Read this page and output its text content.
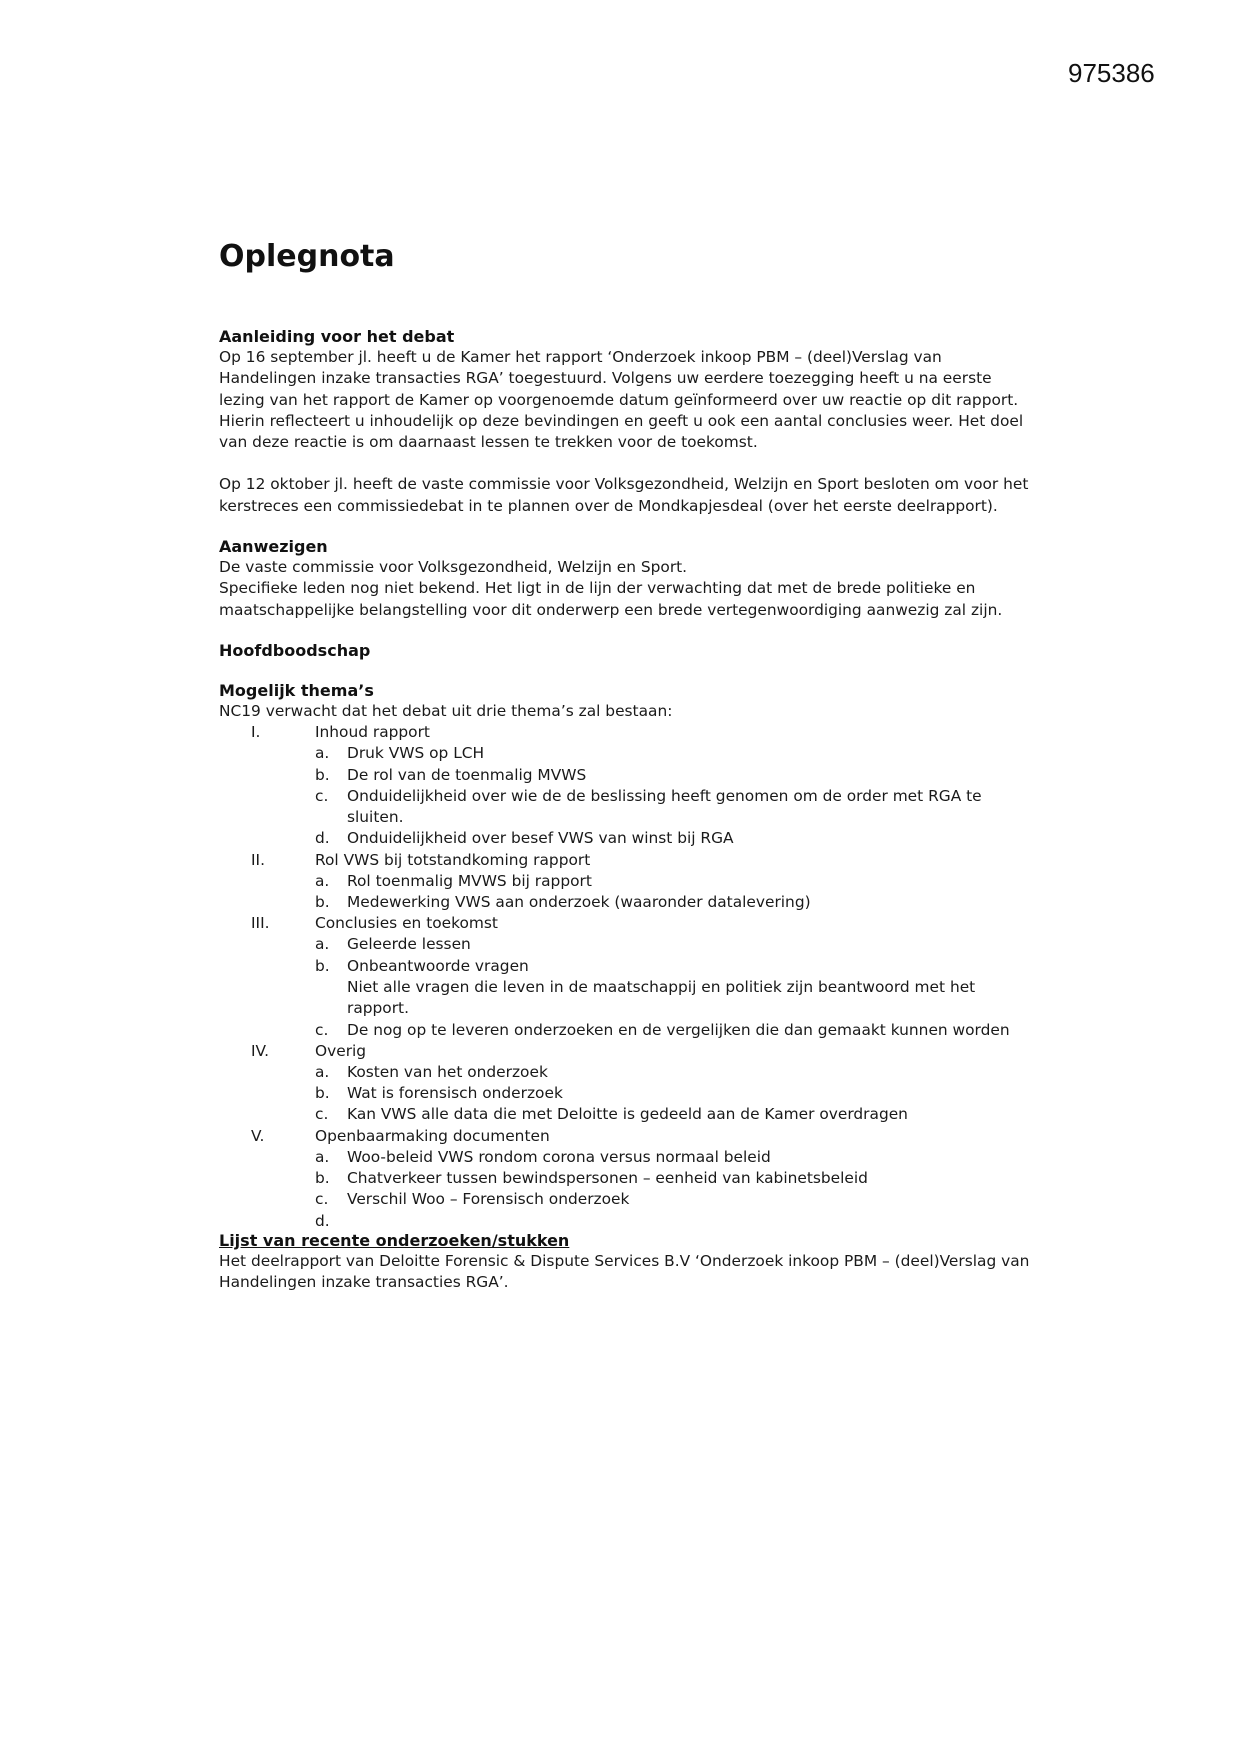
975386
Oplegnota
Aanleiding voor het debat

Op 16 september jl. heeft u de Kamer het rapport ‘Onderzoek inkoop PBM – (deel)Verslag van Handelingen inzake transacties RGA’ toegestuurd. Volgens uw eerdere toezegging heeft u na eerste lezing van het rapport de Kamer op voorgenoemde datum geïnformeerd over uw reactie op dit rapport. Hierin reflecteert u inhoudelijk op deze bevindingen en geeft u ook een aantal conclusies weer. Het doel van deze reactie is om daarnaast lessen te trekken voor de toekomst.

Op 12 oktober jl. heeft de vaste commissie voor Volksgezondheid, Welzijn en Sport besloten om voor het kerstreces een commissiedebat in te plannen over de Mondkapjesdeal (over het eerste deelrapport).

Aanwezigen

De vaste commissie voor Volksgezondheid, Welzijn en Sport.

Specifieke leden nog niet bekend. Het ligt in de lijn der verwachting dat met de brede politieke en maatschappelijke belangstelling voor dit onderwerp een brede vertegenwoordiging aanwezig zal zijn.

Hoofdboodschap
Mogelijk thema’s

NC19 verwacht dat het debat uit drie thema’s zal bestaan:

I.	Inhoud rapport
a. Druk VWS op LCH
b. De rol van de toenmalig MVWS
c. Onduidelijkheid over wie de de beslissing heeft genomen om de order met RGA te sluiten.
d. Onduidelijkheid over besef VWS van winst bij RGA
II.	Rol VWS bij totstandkoming rapport
a. Rol toenmalig MVWS bij rapport
b. Medewerking VWS aan onderzoek (waaronder datalevering)
III.	Conclusies en toekomst
a. Geleerde lessen
b. Onbeantwoorde vragen
Niet alle vragen die leven in de maatschappij en politiek zijn beantwoord met het rapport.
c. De nog op te leveren onderzoeken en de vergelijken die dan gemaakt kunnen worden
IV.	Overig
a. Kosten van het onderzoek
b. Wat is forensisch onderzoek
c. Kan VWS alle data die met Deloitte is gedeeld aan de Kamer overdragen
V.	Openbaarmaking documenten
a. Woo-beleid VWS rondom corona versus normaal beleid
b. Chatverkeer tussen bewindspersonen – eenheid van kabinetsbeleid
c. Verschil Woo – Forensisch onderzoek
d.
Lijst van recente onderzoeken/stukken

Het deelrapport van Deloitte Forensic & Dispute Services B.V ‘Onderzoek inkoop PBM – (deel)Verslag van Handelingen inzake transacties RGA’.
